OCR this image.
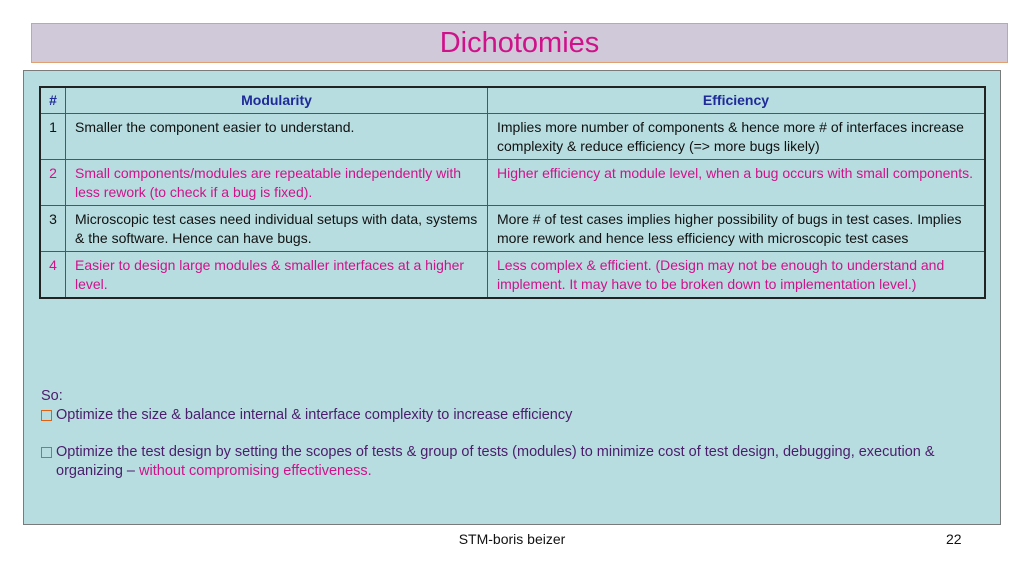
Dichotomies
#	Modularity	Efficiency
1	Smaller the component easier to understand.	Implies more number of components & hence more # of interfaces increase complexity & reduce efficiency (=> more bugs likely)
2	Small components/modules are repeatable independently with less rework (to check if a bug is fixed).	Higher efficiency at module level, when a bug occurs with small components.
3	Microscopic test cases need individual setups with data, systems & the software. Hence can have bugs.	More # of test cases implies higher possibility of bugs in test cases. Implies more rework and hence less efficiency with microscopic test cases
4	Easier to design large modules & smaller interfaces at a higher level.	Less complex & efficient. (Design may not be enough to understand and implement. It may have to be broken down to implementation level.)
So:
Optimize the size & balance internal & interface complexity to increase efficiency
Optimize the test design by setting the scopes of tests & group of tests (modules) to minimize cost of test design, debugging, execution & organizing – without compromising effectiveness.
STM-boris beizer	22
